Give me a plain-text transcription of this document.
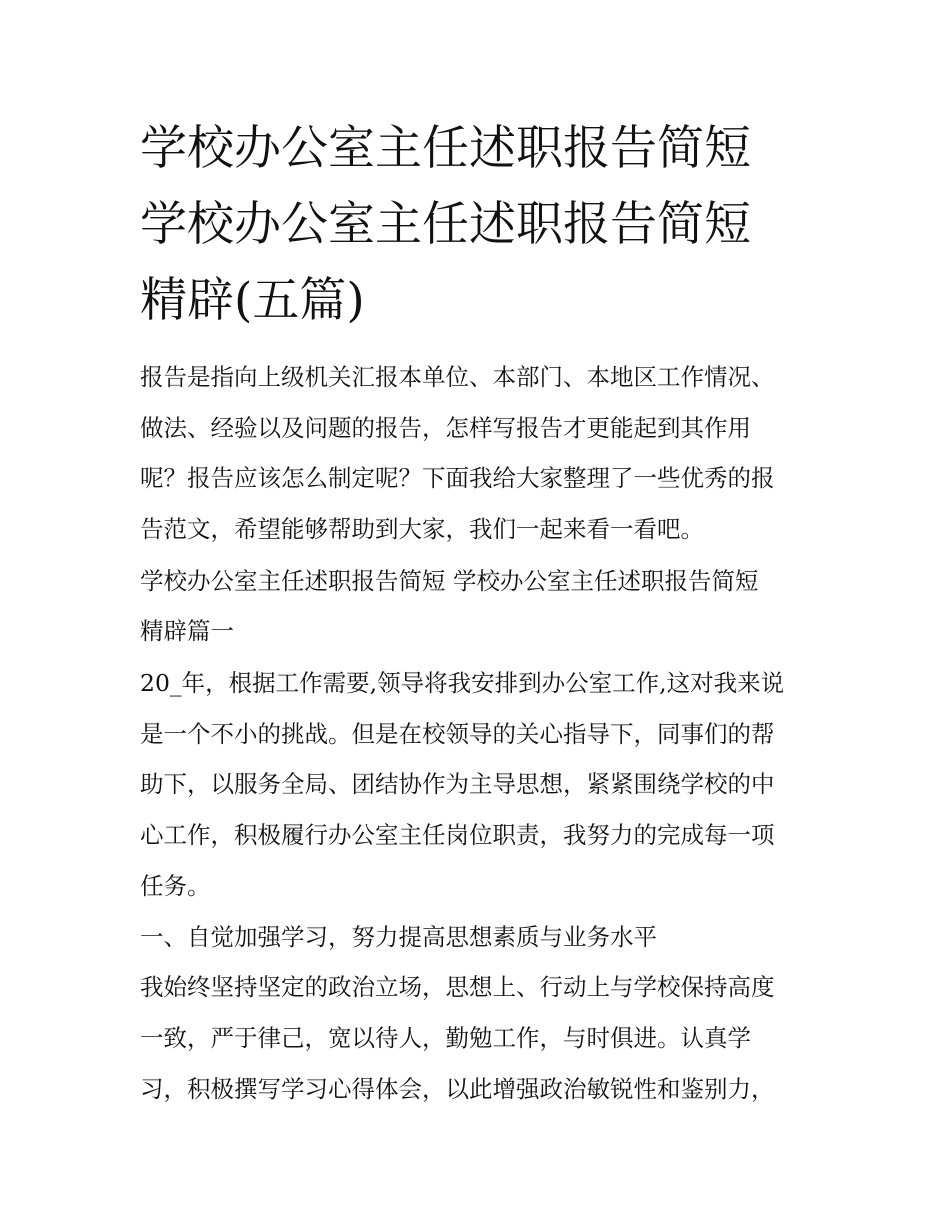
学校办公室主任述职报告简短
学校办公室主任述职报告简短
精辟(五篇)

报告是指向上级机关汇报本单位、本部门、本地区工作情况、

做法、经验以及问题的报告，怎样写报告才更能起到其作用

呢？报告应该怎么制定呢？下面我给大家整理了一些优秀的报

告范文，希望能够帮助到大家，我们一起来看一看吧。

学校办公室主任述职报告简短 学校办公室主任述职报告简短

精辟篇一

20_年，根据工作需要,领导将我安排到办公室工作,这对我来说

是一个不小的挑战。但是在校领导的关心指导下，同事们的帮

助下，以服务全局、团结协作为主导思想，紧紧围绕学校的中

心工作，积极履行办公室主任岗位职责，我努力的完成每一项

任务。

一、自觉加强学习，努力提高思想素质与业务水平

我始终坚持坚定的政治立场，思想上、行动上与学校保持高度

一致，严于律己，宽以待人，勤勉工作，与时俱进。认真学

习，积极撰写学习心得体会，以此增强政治敏锐性和鉴别力，
